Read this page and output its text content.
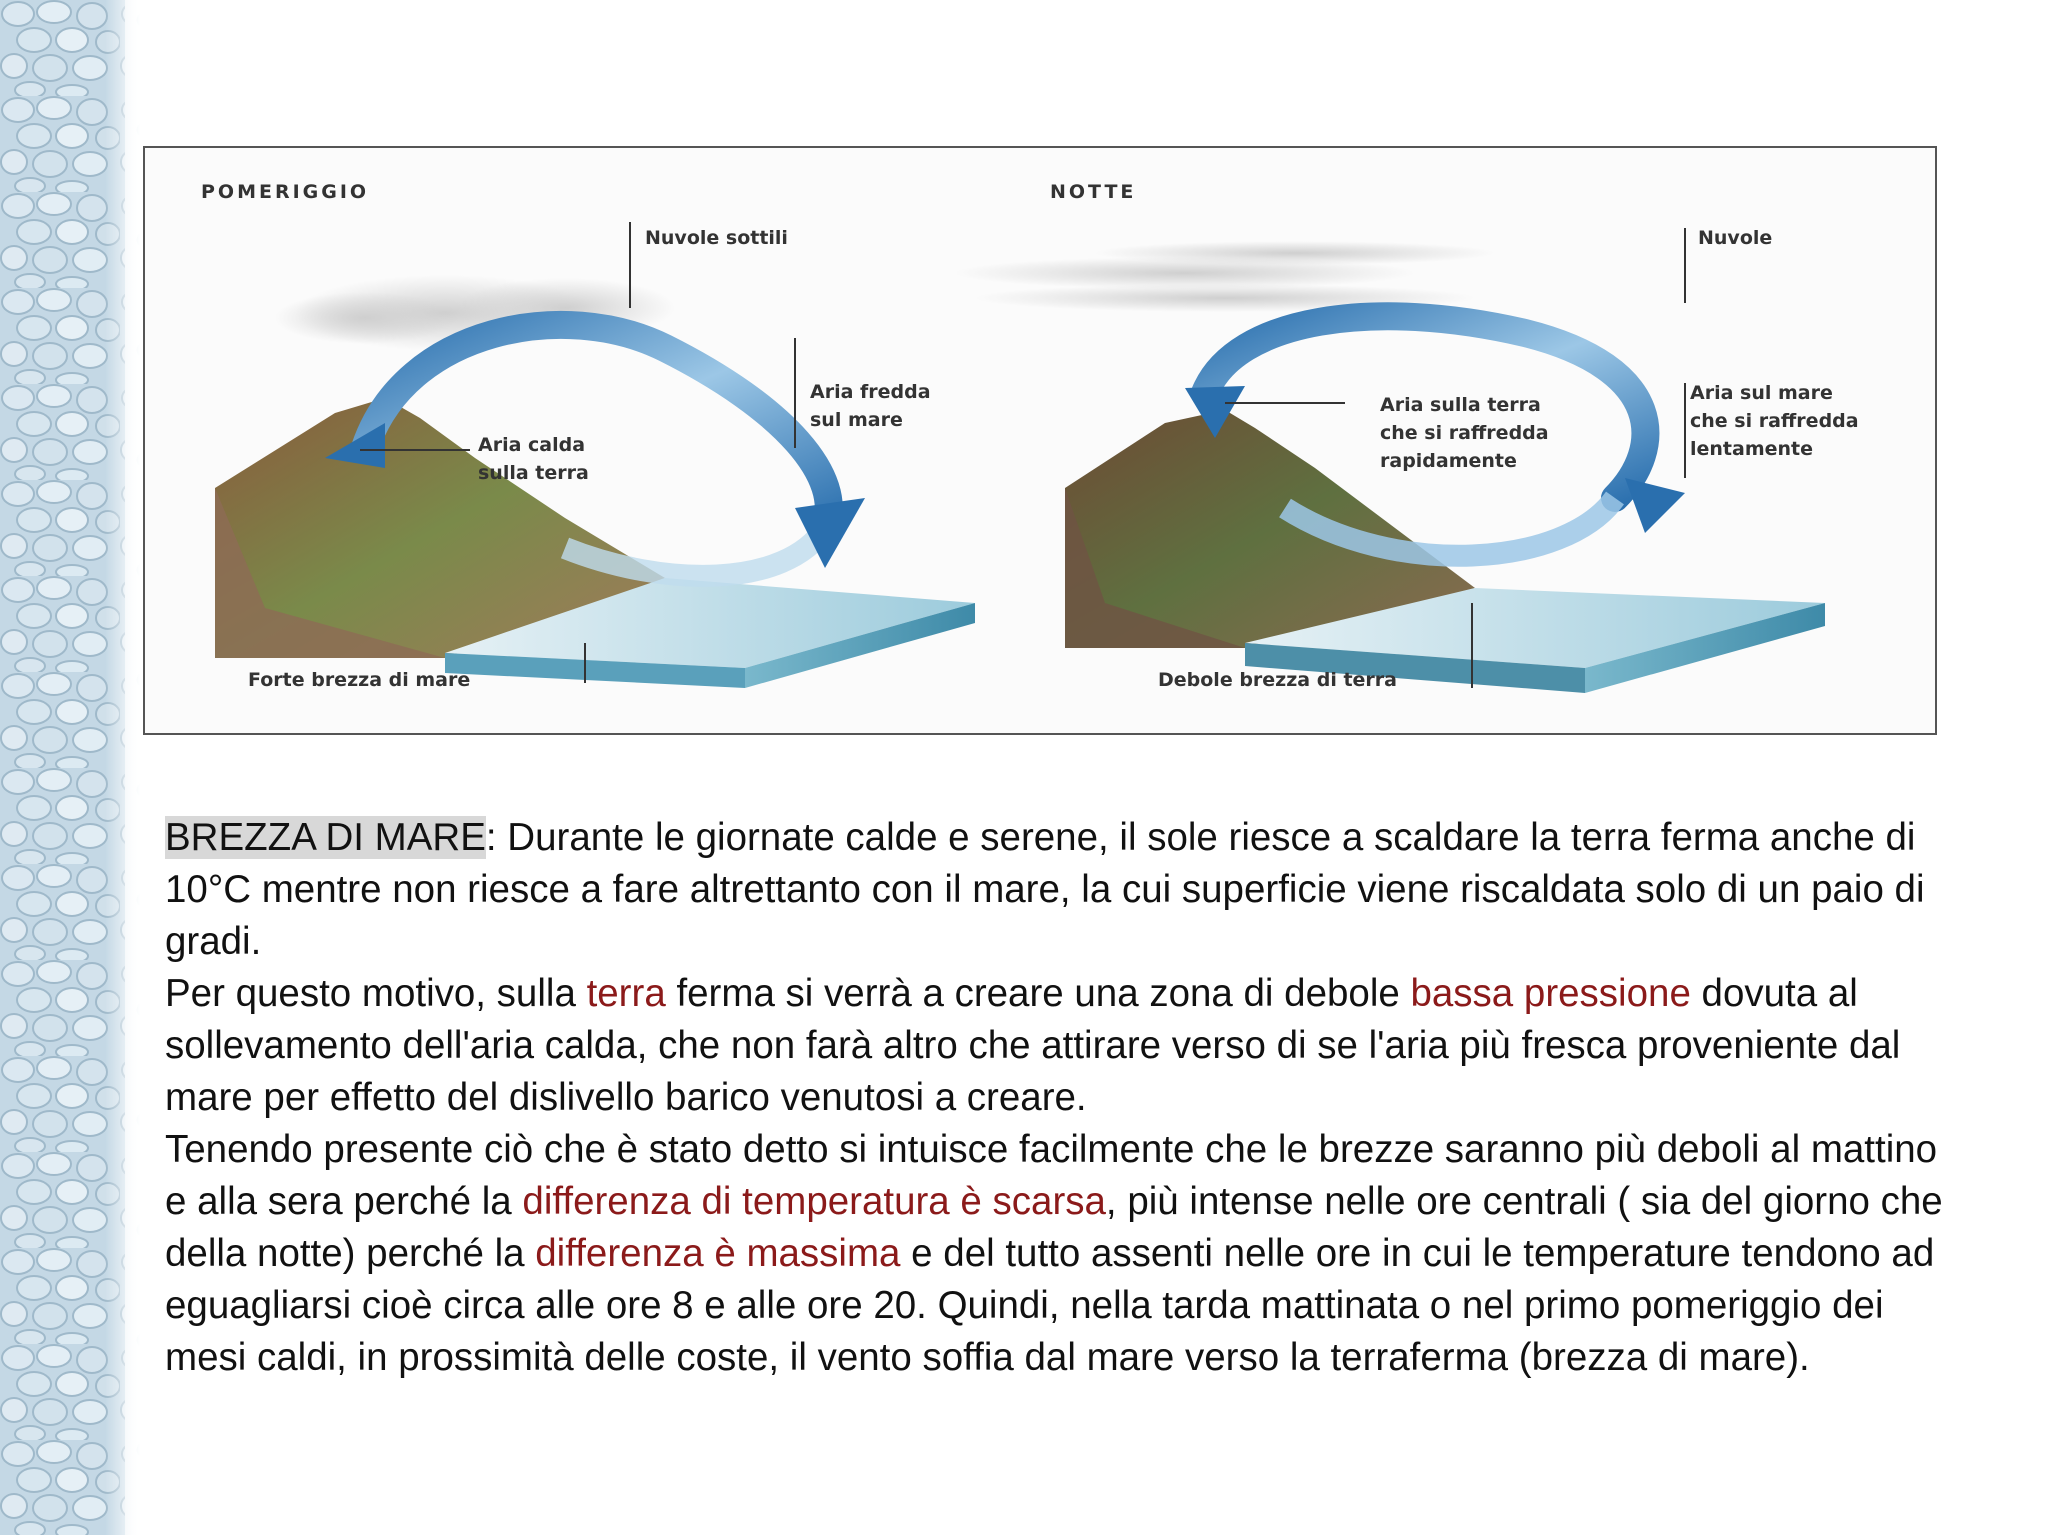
POMERIGGIO	NOTTE
Nuvole sottili
Aria fredda
sul mare
Aria calda
sulla terra
Forte brezza di mare
Nuvole
Aria sulla terra
che si raffredda
rapidamente
Aria sul mare
che si raffredda
lentamente
Debole brezza di terra

BREZZA DI MARE: Durante le giornate calde e serene, il sole riesce a scaldare la terra ferma anche di 10°C mentre non riesce a fare altrettanto con il mare, la cui superficie viene riscaldata solo di un paio di gradi.

Per questo motivo, sulla terra ferma si verrà a creare una zona di debole bassa pressione dovuta al sollevamento dell'aria calda, che non farà altro che attirare verso di se l'aria più fresca proveniente dal mare per effetto del dislivello barico venutosi a creare.

Tenendo presente ciò che è stato detto si intuisce facilmente che le brezze saranno più deboli al mattino e alla sera perché la differenza di temperatura è scarsa, più intense nelle ore centrali ( sia del giorno che della notte) perché la differenza è massima e del tutto assenti nelle ore in cui le temperature tendono ad eguagliarsi cioè circa alle ore 8 e alle ore 20. Quindi, nella tarda mattinata o nel primo pomeriggio dei mesi caldi, in prossimità delle coste, il vento soffia dal mare verso la terraferma (brezza di mare).
